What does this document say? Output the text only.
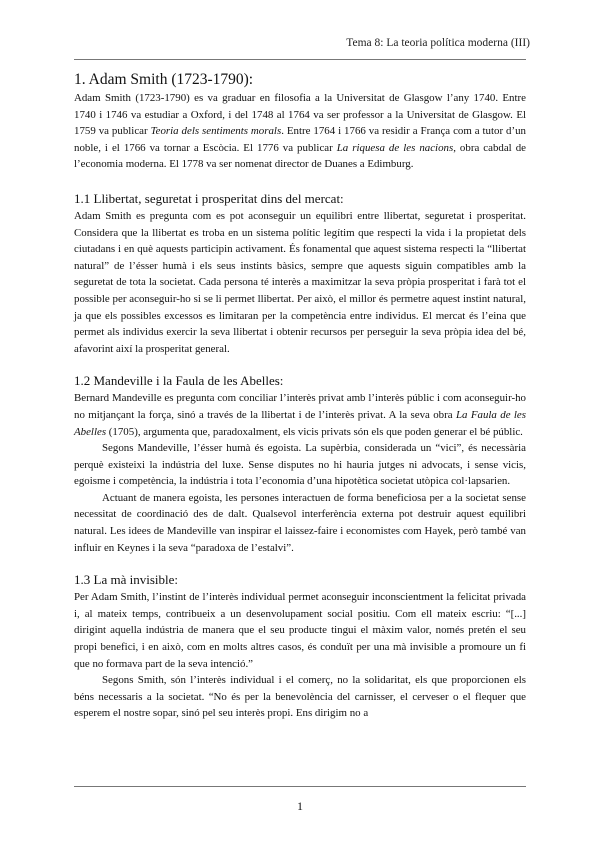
Tema 8: La teoria política moderna (III)
1. Adam Smith (1723-1790):

Adam Smith (1723-1790) es va graduar en filosofia a la Universitat de Glasgow l’any 1740. Entre 1740 i 1746 va estudiar a Oxford, i del 1748 al 1764 va ser professor a la Universitat de Glasgow. El 1759 va publicar Teoria dels sentiments morals. Entre 1764 i 1766 va residir a França com a tutor d’un noble, i el 1766 va tornar a Escòcia. El 1776 va publicar La riquesa de les nacions, obra cabdal de l’economia moderna. El 1778 va ser nomenat director de Duanes a Edimburg.

1.1 Llibertat, seguretat i prosperitat dins del mercat:

Adam Smith es pregunta com es pot aconseguir un equilibri entre llibertat, seguretat i prosperitat. Considera que la llibertat es troba en un sistema polític legítim que respecti la vida i la propietat dels ciutadans i en què aquests participin activament. És fonamental que aquest sistema respecti la “llibertat natural” de l’ésser humà i els seus instints bàsics, sempre que aquests siguin compatibles amb la seguretat de tota la societat. Cada persona té interès a maximitzar la seva pròpia prosperitat i farà tot el possible per aconseguir-ho si se li permet llibertat. Per això, el millor és permetre aquest instint natural, ja que els possibles excessos es limitaran per la competència entre individus. El mercat és l’eina que permet als individus exercir la seva llibertat i obtenir recursos per perseguir la seva pròpia idea del bé, afavorint així la prosperitat general.

1.2 Mandeville i la Faula de les Abelles:

Bernard Mandeville es pregunta com conciliar l’interès privat amb l’interès públic i com aconseguir-ho no mitjançant la força, sinó a través de la llibertat i de l’interès privat. A la seva obra La Faula de les Abelles (1705), argumenta que, paradoxalment, els vicis privats són els que poden generar el bé públic.

Segons Mandeville, l’ésser humà és egoista. La supèrbia, considerada un “vici”, és necessària perquè existeixi la indústria del luxe. Sense disputes no hi hauria jutges ni advocats, i sense vicis, egoisme i competència, la indústria i tota l’economia d’una hipotètica societat utòpica col·lapsarien.

Actuant de manera egoista, les persones interactuen de forma beneficiosa per a la societat sense necessitat de coordinació des de dalt. Qualsevol interferència externa pot destruir aquest equilibri natural. Les idees de Mandeville van inspirar el laissez-faire i economistes com Hayek, però també van influir en Keynes i la seva “paradoxa de l’estalvi”.

1.3 La mà invisible:

Per Adam Smith, l’instint de l’interès individual permet aconseguir inconscientment la felicitat privada i, al mateix temps, contribueix a un desenvolupament social positiu. Com ell mateix escriu: “[...] dirigint aquella indústria de manera que el seu producte tingui el màxim valor, només pretén el seu propi benefici, i en això, com en molts altres casos, és conduït per una mà invisible a promoure un fi que no formava part de la seva intenció.”

Segons Smith, són l’interès individual i el comerç, no la solidaritat, els que proporcionen els béns necessaris a la societat. “No és per la benevolència del carnisser, el cerveser o el flequer que esperem el nostre sopar, sinó pel seu interès propi. Ens dirigim no a

1
